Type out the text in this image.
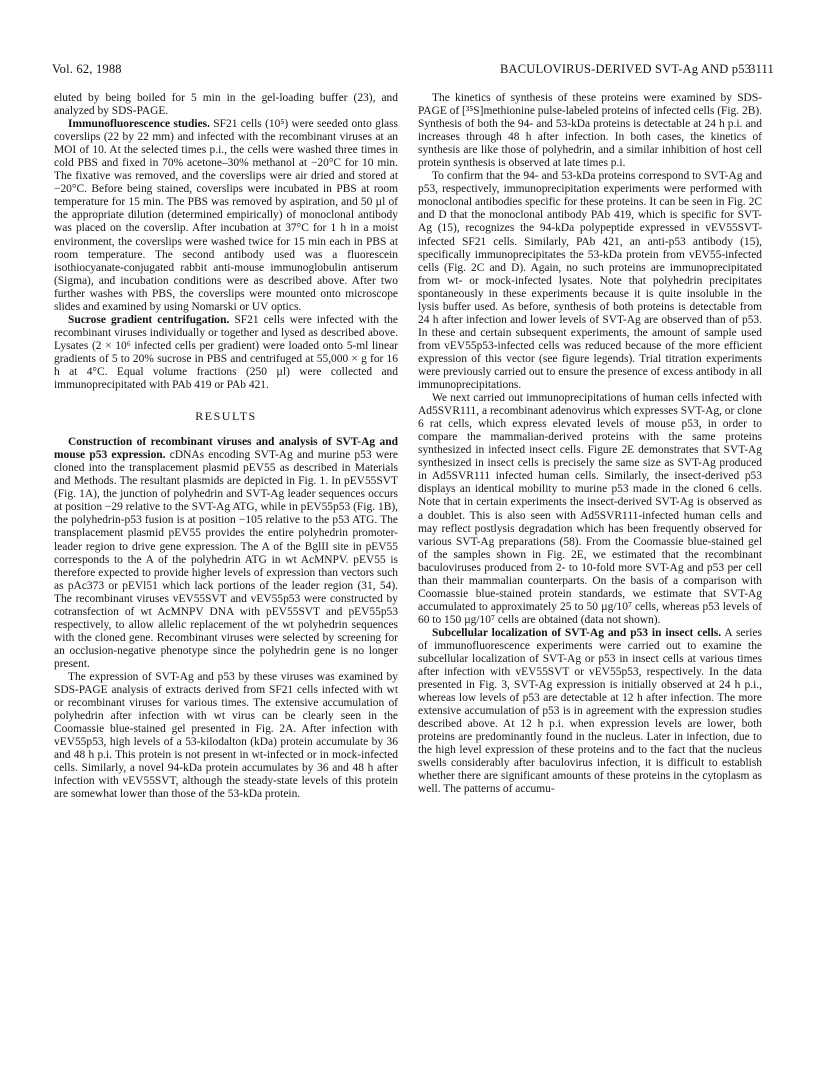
Vol. 62, 1988	BACULOVIRUS-DERIVED SVT-Ag AND p53
3111

eluted by being boiled for 5 min in the gel-loading buffer (23), and analyzed by SDS-PAGE.

Immunofluorescence studies. SF21 cells (10⁵) were seeded onto glass coverslips (22 by 22 mm) and infected with the recombinant viruses at an MOI of 10. At the selected times p.i., the cells were washed three times in cold PBS and fixed in 70% acetone–30% methanol at −20°C for 10 min. The fixative was removed, and the coverslips were air dried and stored at −20°C. Before being stained, coverslips were incubated in PBS at room temperature for 15 min. The PBS was removed by aspiration, and 50 µl of the appropriate dilution (determined empirically) of monoclonal antibody was placed on the coverslip. After incubation at 37°C for 1 h in a moist environment, the coverslips were washed twice for 15 min each in PBS at room temperature. The second antibody used was a fluorescein isothiocyanate-conjugated rabbit anti-mouse immunoglobulin antiserum (Sigma), and incubation conditions were as described above. After two further washes with PBS, the coverslips were mounted onto microscope slides and examined by using Nomarski or UV optics.

Sucrose gradient centrifugation. SF21 cells were infected with the recombinant viruses individually or together and lysed as described above. Lysates (2 × 10⁶ infected cells per gradient) were loaded onto 5-ml linear gradients of 5 to 20% sucrose in PBS and centrifuged at 55,000 × g for 16 h at 4°C. Equal volume fractions (250 µl) were collected and immunoprecipitated with PAb 419 or PAb 421.

RESULTS

Construction of recombinant viruses and analysis of SVT-Ag and mouse p53 expression. cDNAs encoding SVT-Ag and murine p53 were cloned into the transplacement plasmid pEV55 as described in Materials and Methods. The resultant plasmids are depicted in Fig. 1. In pEV55SVT (Fig. 1A), the junction of polyhedrin and SVT-Ag leader sequences occurs at position −29 relative to the SVT-Ag ATG, while in pEV55p53 (Fig. 1B), the polyhedrin-p53 fusion is at position −105 relative to the p53 ATG. The transplacement plasmid pEV55 provides the entire polyhedrin promoter-leader region to drive gene expression. The A of the BglII site in pEV55 corresponds to the A of the polyhedrin ATG in wt AcMNPV. pEV55 is therefore expected to provide higher levels of expression than vectors such as pAc373 or pEVl51 which lack portions of the leader region (31, 54). The recombinant viruses vEV55SVT and vEV55p53 were constructed by cotransfection of wt AcMNPV DNA with pEV55SVT and pEV55p53 respectively, to allow allelic replacement of the wt polyhedrin sequences with the cloned gene. Recombinant viruses were selected by screening for an occlusion-negative phenotype since the polyhedrin gene is no longer present.

The expression of SVT-Ag and p53 by these viruses was examined by SDS-PAGE analysis of extracts derived from SF21 cells infected with wt or recombinant viruses for various times. The extensive accumulation of polyhedrin after infection with wt virus can be clearly seen in the Coomassie blue-stained gel presented in Fig. 2A. After infection with vEV55p53, high levels of a 53-kilodalton (kDa) protein accumulate by 36 and 48 h p.i. This protein is not present in wt-infected or in mock-infected cells. Similarly, a novel 94-kDa protein accumulates by 36 and 48 h after infection with vEV55SVT, although the steady-state levels of this protein are somewhat lower than those of the 53-kDa protein.

The kinetics of synthesis of these proteins were examined by SDS-PAGE of [³⁵S]methionine pulse-labeled proteins of infected cells (Fig. 2B). Synthesis of both the 94- and 53-kDa proteins is detectable at 24 h p.i. and increases through 48 h after infection. In both cases, the kinetics of synthesis are like those of polyhedrin, and a similar inhibition of host cell protein synthesis is observed at late times p.i.

To confirm that the 94- and 53-kDa proteins correspond to SVT-Ag and p53, respectively, immunoprecipitation experiments were performed with monoclonal antibodies specific for these proteins. It can be seen in Fig. 2C and D that the monoclonal antibody PAb 419, which is specific for SVT-Ag (15), recognizes the 94-kDa polypeptide expressed in vEV55SVT-infected SF21 cells. Similarly, PAb 421, an anti-p53 antibody (15), specifically immunoprecipitates the 53-kDa protein from vEV55-infected cells (Fig. 2C and D). Again, no such proteins are immunoprecipitated from wt- or mock-infected lysates. Note that polyhedrin precipitates spontaneously in these experiments because it is quite insoluble in the lysis buffer used. As before, synthesis of both proteins is detectable from 24 h after infection and lower levels of SVT-Ag are observed than of p53. In these and certain subsequent experiments, the amount of sample used from vEV55p53-infected cells was reduced because of the more efficient expression of this vector (see figure legends). Trial titration experiments were previously carried out to ensure the presence of excess antibody in all immunoprecipitations.

We next carried out immunoprecipitations of human cells infected with Ad5SVR111, a recombinant adenovirus which expresses SVT-Ag, or clone 6 rat cells, which express elevated levels of mouse p53, in order to compare the mammalian-derived proteins with the same proteins synthesized in infected insect cells. Figure 2E demonstrates that SVT-Ag synthesized in insect cells is precisely the same size as SVT-Ag produced in Ad5SVR111 infected human cells. Similarly, the insect-derived p53 displays an identical mobility to murine p53 made in the cloned 6 cells. Note that in certain experiments the insect-derived SVT-Ag is observed as a doublet. This is also seen with Ad5SVR111-infected human cells and may reflect postlysis degradation which has been frequently observed for various SVT-Ag preparations (58). From the Coomassie blue-stained gel of the samples shown in Fig. 2E, we estimated that the recombinant baculoviruses produced from 2- to 10-fold more SVT-Ag and p53 per cell than their mammalian counterparts. On the basis of a comparison with Coomassie blue-stained protein standards, we estimate that SVT-Ag accumulated to approximately 25 to 50 µg/10⁷ cells, whereas p53 levels of 60 to 150 µg/10⁷ cells are obtained (data not shown).

Subcellular localization of SVT-Ag and p53 in insect cells. A series of immunofluorescence experiments were carried out to examine the subcellular localization of SVT-Ag or p53 in insect cells at various times after infection with vEV55SVT or vEV55p53, respectively. In the data presented in Fig. 3, SVT-Ag expression is initially observed at 24 h p.i., whereas low levels of p53 are detectable at 12 h after infection. The more extensive accumulation of p53 is in agreement with the expression studies described above. At 12 h p.i. when expression levels are lower, both proteins are predominantly found in the nucleus. Later in infection, due to the high level expression of these proteins and to the fact that the nucleus swells considerably after baculovirus infection, it is difficult to establish whether there are significant amounts of these proteins in the cytoplasm as well. The patterns of accumu-
